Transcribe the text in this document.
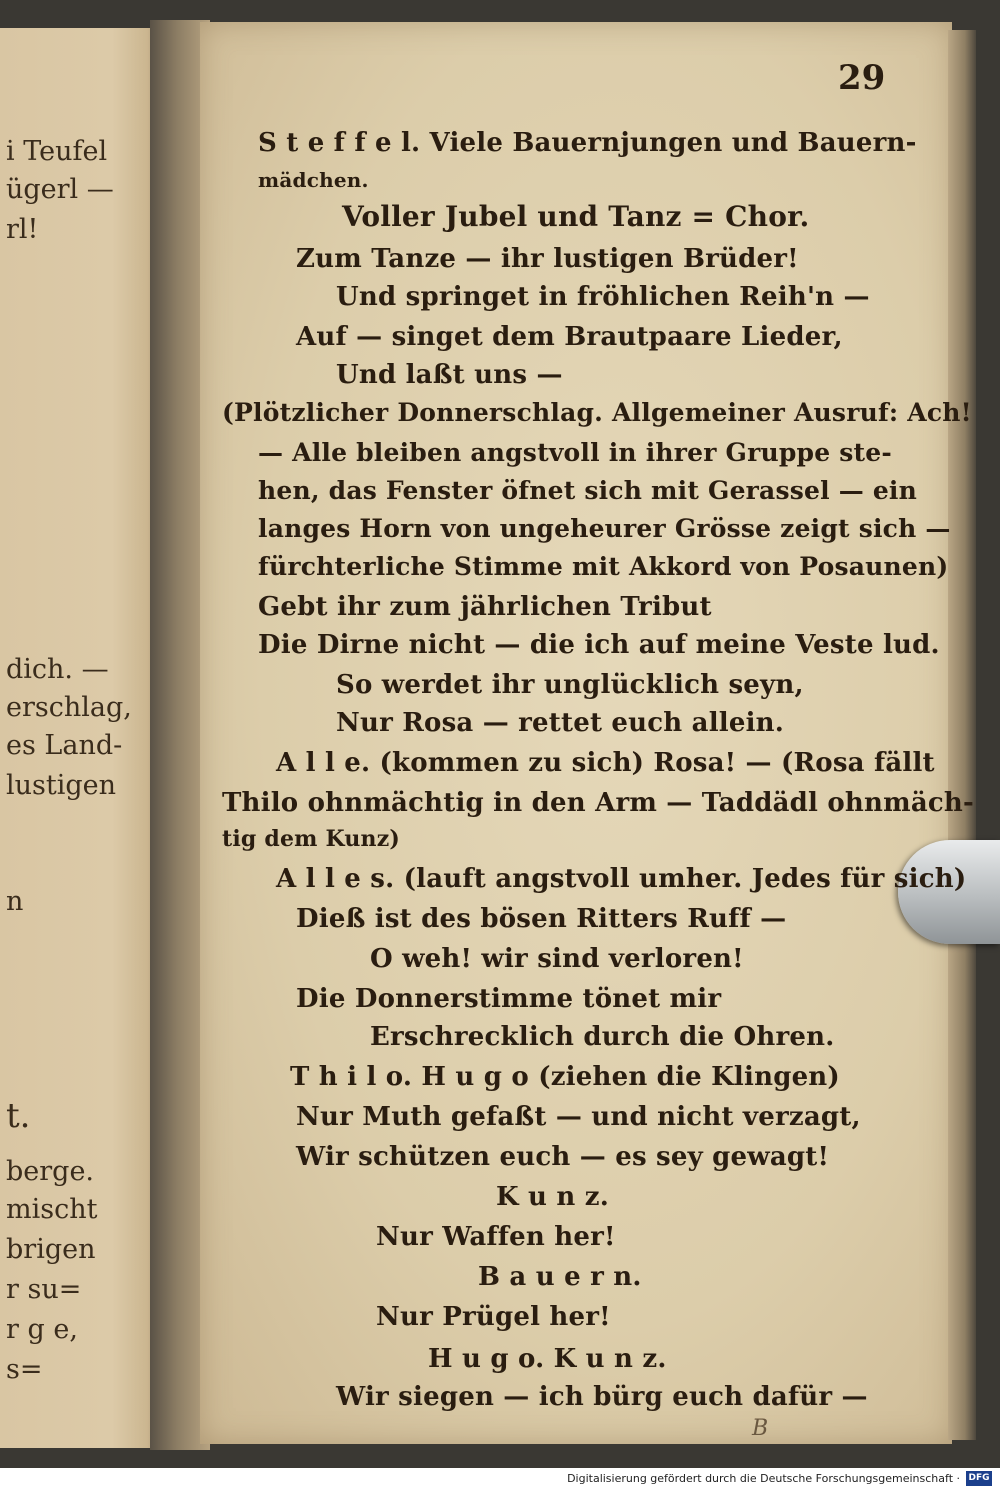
i Teufel
ügerl —
rl!
dich. —
erschlag,
es Land-
lustigen
n
t.
berge.
mischt
brigen
r su=
r g e,
s=
29
S t e f f e l. Viele Bauernjungen und Bauern-
mädchen.
Voller Jubel und Tanz = Chor.
Zum Tanze — ihr lustigen Brüder!
Und springet in fröhlichen Reih'n —
Auf — singet dem Brautpaare Lieder,
Und laßt uns —
(Plötzlicher Donnerschlag. Allgemeiner Ausruf: Ach!
— Alle bleiben angstvoll in ihrer Gruppe ste-
hen, das Fenster öfnet sich mit Gerassel — ein
langes Horn von ungeheurer Grösse zeigt sich —
fürchterliche Stimme mit Akkord von Posaunen)
Gebt ihr zum jährlichen Tribut
Die Dirne nicht — die ich auf meine Veste lud.
So werdet ihr unglücklich seyn,
Nur Rosa — rettet euch allein.
A l l e. (kommen zu sich) Rosa! — (Rosa fällt
Thilo ohnmächtig in den Arm — Taddädl ohnmäch-
tig dem Kunz)
A l l e s. (lauft angstvoll umher. Jedes für sich)
Dieß ist des bösen Ritters Ruff —
O weh! wir sind verloren!
Die Donnerstimme tönet mir
Erschrecklich durch die Ohren.
T h i l o. H u g o (ziehen die Klingen)
Nur Muth gefaßt — und nicht verzagt,
Wir schützen euch — es sey gewagt!
K u n z.
Nur Waffen her!
B a u e r n.
Nur Prügel her!
H u g o. K u n z.
Wir siegen — ich bürg euch dafür —
B
Digitalisierung gefördert durch die Deutsche Forschungsgemeinschaft · DFG
